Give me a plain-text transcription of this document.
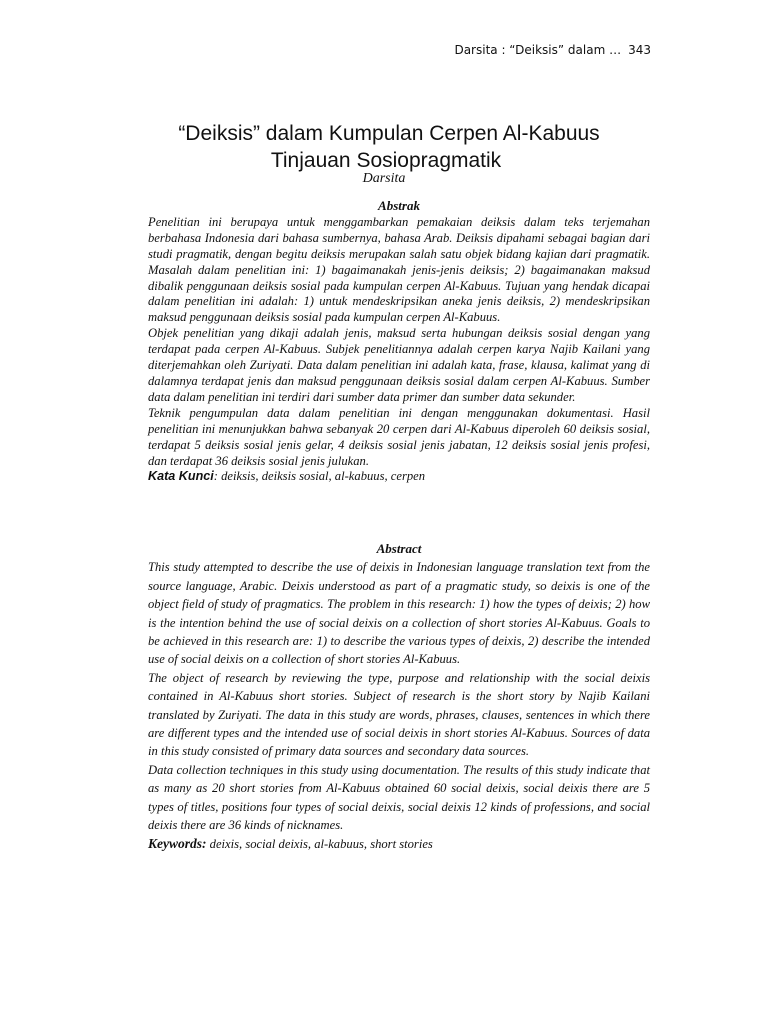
Darsita : “Deiksis” dalam … 343
“Deiksis” dalam Kumpulan Cerpen Al-Kabuus
Tinjauan Sosiopragmatik
Darsita
Abstrak

Penelitian ini berupaya untuk menggambarkan pemakaian deiksis dalam teks terjemahan berbahasa Indonesia dari bahasa sumbernya, bahasa Arab. Deiksis dipahami sebagai bagian dari studi pragmatik, dengan begitu deiksis merupakan salah satu objek bidang kajian dari pragmatik. Masalah dalam penelitian ini: 1) bagaimanakah jenis-jenis deiksis; 2) bagaimanakan maksud dibalik penggunaan deiksis sosial pada kumpulan cerpen Al-Kabuus. Tujuan yang hendak dicapai dalam penelitian ini adalah: 1) untuk mendeskripsikan aneka jenis deiksis, 2) mendeskripsikan maksud penggunaan deiksis sosial pada kumpulan cerpen Al-Kabuus.

Objek penelitian yang dikaji adalah jenis, maksud serta hubungan deiksis sosial dengan yang terdapat pada cerpen Al-Kabuus. Subjek penelitiannya adalah cerpen karya Najib Kailani yang diterjemahkan oleh Zuriyati. Data dalam penelitian ini adalah kata, frase, klausa, kalimat yang di dalamnya terdapat jenis dan maksud penggunaan deiksis sosial dalam cerpen Al-Kabuus. Sumber data dalam penelitian ini terdiri dari sumber data primer dan sumber data sekunder.

Teknik pengumpulan data dalam penelitian ini dengan menggunakan dokumentasi. Hasil penelitian ini menunjukkan bahwa sebanyak 20 cerpen dari Al-Kabuus diperoleh 60 deiksis sosial, terdapat 5 deiksis sosial jenis gelar, 4 deiksis sosial jenis jabatan, 12 deiksis sosial jenis profesi, dan terdapat 36 deiksis sosial jenis julukan.

Kata Kunci: deiksis, deiksis sosial, al-kabuus, cerpen

Abstract

This study attempted to describe the use of deixis in Indonesian language translation text from the source language, Arabic. Deixis understood as part of a pragmatic study, so deixis is one of the object field of study of pragmatics. The problem in this research: 1) how the types of deixis; 2) how is the intention behind the use of social deixis on a collection of short stories Al-Kabuus. Goals to be achieved in this research are: 1) to describe the various types of deixis, 2) describe the intended use of social deixis on a collection of short stories Al-Kabuus.

The object of research by reviewing the type, purpose and relationship with the social deixis contained in Al-Kabuus short stories. Subject of research is the short story by Najib Kailani translated by Zuriyati. The data in this study are words, phrases, clauses, sentences in which there are different types and the intended use of social deixis in short stories Al-Kabuus. Sources of data in this study consisted of primary data sources and secondary data sources.

Data collection techniques in this study using documentation. The results of this study indicate that as many as 20 short stories from Al-Kabuus obtained 60 social deixis, social deixis there are 5 types of titles, positions four types of social deixis, social deixis 12 kinds of professions, and social deixis there are 36 kinds of nicknames.

Keywords: deixis, social deixis, al-kabuus, short stories
